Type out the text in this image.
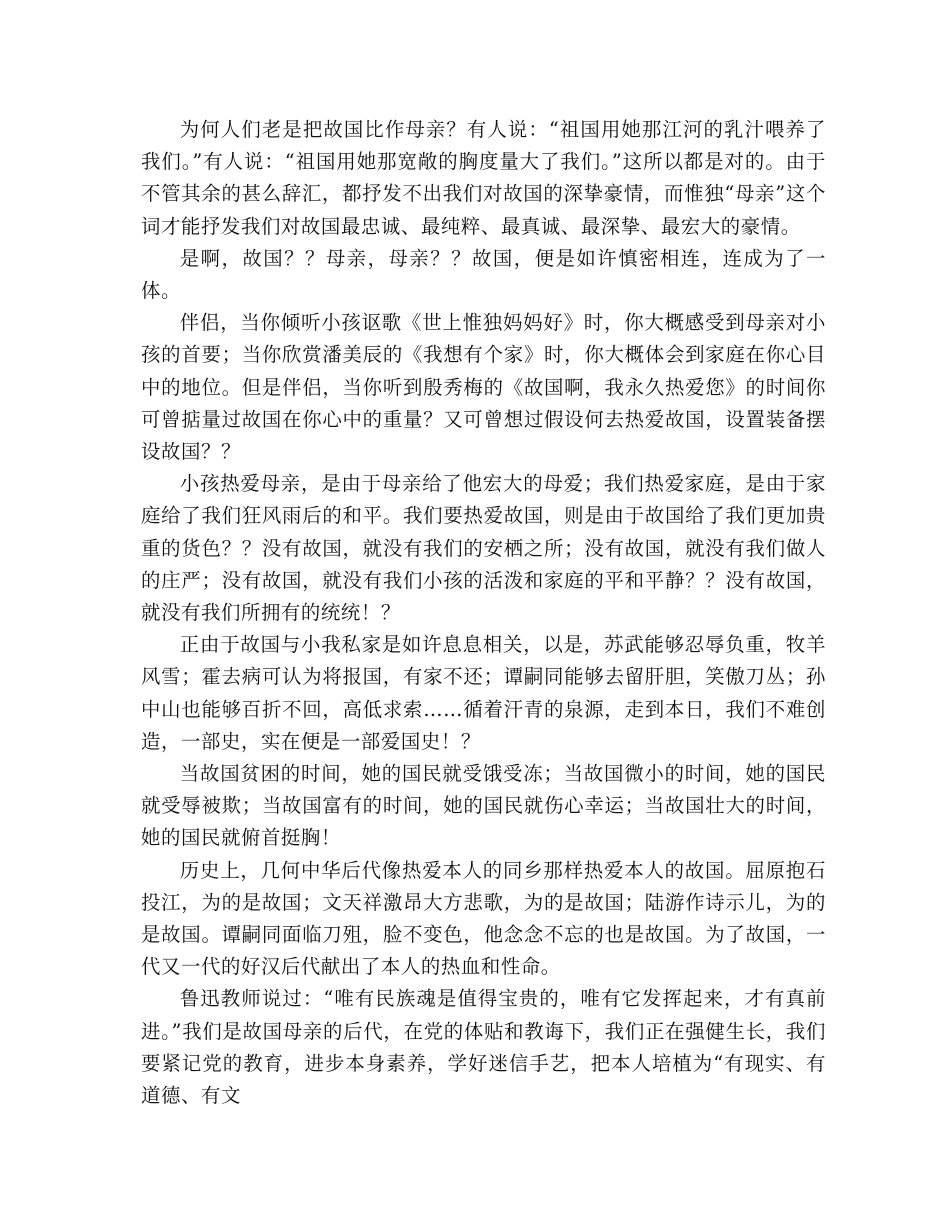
为何人们老是把故国比作母亲？有人说：“祖国用她那江河的乳汁喂养了我们。”有人说：“祖国用她那宽敞的胸度量大了我们。”这所以都是对的。由于不管其余的甚么辞汇，都抒发不出我们对故国的深挚豪情，而惟独“母亲”这个词才能抒发我们对故国最忠诚、最纯粹、最真诚、最深挚、最宏大的豪情。

是啊，故国？？母亲，母亲？？故国，便是如许慎密相连，连成为了一体。

伴侣，当你倾听小孩讴歌《世上惟独妈妈好》时，你大概感受到母亲对小孩的首要；当你欣赏潘美辰的《我想有个家》时，你大概体会到家庭在你心目中的地位。但是伴侣，当你听到殷秀梅的《故国啊，我永久热爱您》的时间你可曾掂量过故国在你心中的重量？又可曾想过假设何去热爱故国，设置装备摆设故国？？

小孩热爱母亲，是由于母亲给了他宏大的母爱；我们热爱家庭，是由于家庭给了我们狂风雨后的和平。我们要热爱故国，则是由于故国给了我们更加贵重的货色？？没有故国，就没有我们的安栖之所；没有故国，就没有我们做人的庄严；没有故国，就没有我们小孩的活泼和家庭的平和平静？？没有故国，就没有我们所拥有的统统！？

正由于故国与小我私家是如许息息相关，以是，苏武能够忍辱负重，牧羊风雪；霍去病可认为将报国，有家不还；谭嗣同能够去留肝胆，笑傲刀丛；孙中山也能够百折不回，高低求索……循着汗青的泉源，走到本日，我们不难创造，一部史，实在便是一部爱国史！？

当故国贫困的时间，她的国民就受饿受冻；当故国微小的时间，她的国民就受辱被欺；当故国富有的时间，她的国民就伤心幸运；当故国壮大的时间，她的国民就俯首挺胸！

历史上，几何中华后代像热爱本人的同乡那样热爱本人的故国。屈原抱石投江，为的是故国；文天祥激昂大方悲歌，为的是故国；陆游作诗示儿，为的是故国。谭嗣同面临刀殂，脸不变色，他念念不忘的也是故国。为了故国，一代又一代的好汉后代献出了本人的热血和性命。

鲁迅教师说过：“唯有民族魂是值得宝贵的，唯有它发挥起来，才有真前进。”我们是故国母亲的后代，在党的体贴和教诲下，我们正在强健生长，我们要紧记党的教育，进步本身素养，学好迷信手艺，把本人培植为“有现实、有道德、有文
